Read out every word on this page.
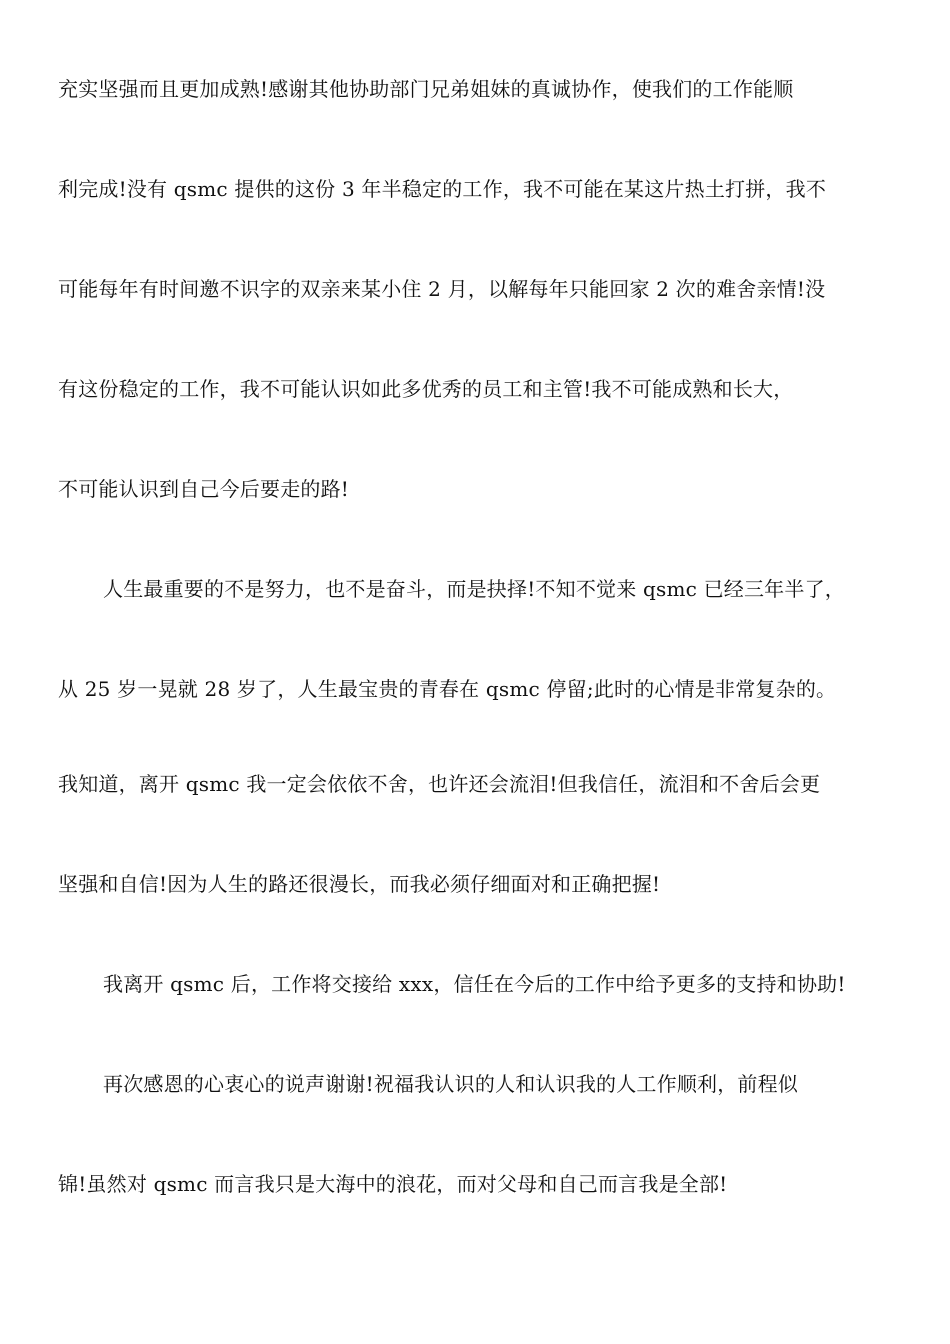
充实坚强而且更加成熟!感谢其他协助部门兄弟姐妹的真诚协作，使我们的工作能顺
利完成!没有 qsmc 提供的这份 3 年半稳定的工作，我不可能在某这片热土打拼，我不
可能每年有时间邀不识字的双亲来某小住 2 月，以解每年只能回家 2 次的难舍亲情!没
有这份稳定的工作，我不可能认识如此多优秀的员工和主管!我不可能成熟和长大，
不可能认识到自己今后要走的路!
人生最重要的不是努力，也不是奋斗，而是抉择!不知不觉来 qsmc 已经三年半了，
从 25 岁一晃就 28 岁了，人生最宝贵的青春在 qsmc 停留;此时的心情是非常复杂的。
我知道，离开 qsmc 我一定会依依不舍，也许还会流泪!但我信任，流泪和不舍后会更
坚强和自信!因为人生的路还很漫长，而我必须仔细面对和正确把握!
我离开 qsmc 后，工作将交接给 xxx，信任在今后的工作中给予更多的支持和协助!
再次感恩的心衷心的说声谢谢!祝福我认识的人和认识我的人工作顺利，前程似
锦!虽然对 qsmc 而言我只是大海中的浪花，而对父母和自己而言我是全部!
